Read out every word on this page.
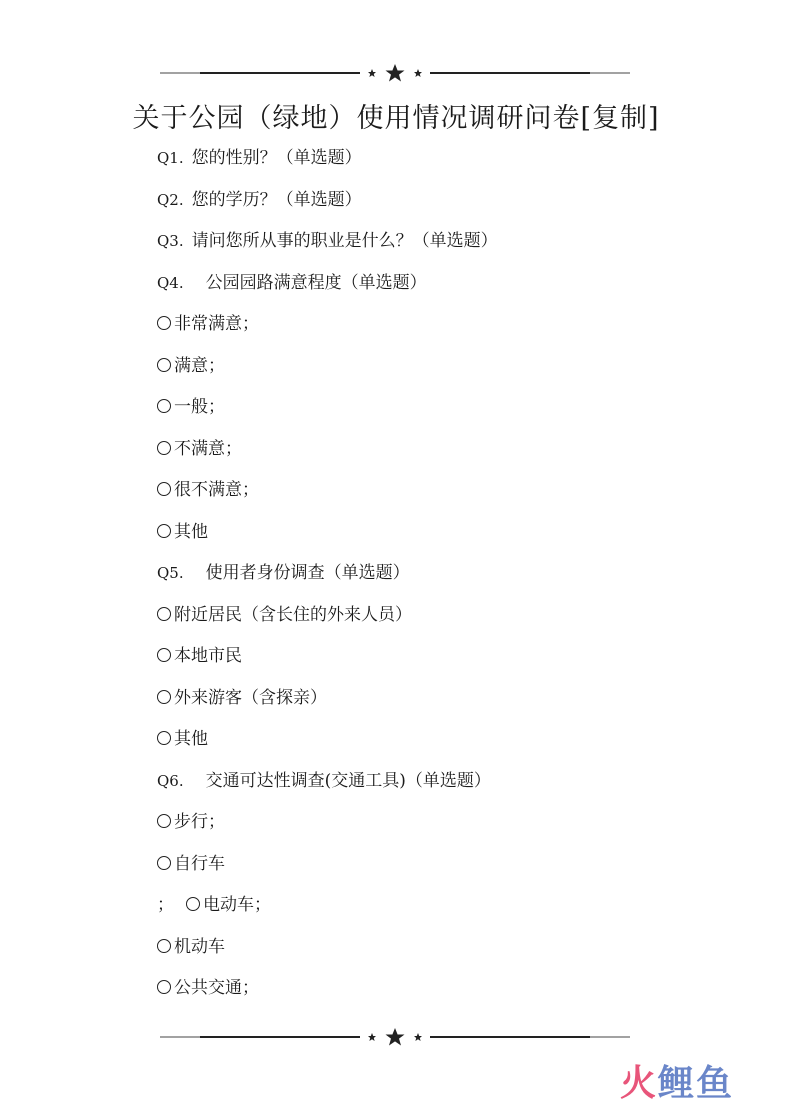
关于公园（绿地）使用情况调研问卷[复制]
Q1. 您的性别？（单选题）
Q2. 您的学历？（单选题）
Q3. 请问您所从事的职业是什么？（单选题）
Q4. 公园园路满意程度（单选题）
非常满意；
满意；
一般；
不满意；
很不满意；
其他
Q5. 使用者身份调查（单选题）
附近居民（含长住的外来人员）
本地市民
外来游客（含探亲）
其他
Q6. 交通可达性调查(交通工具)（单选题）
步行；
自行车
； 电动车；
机动车
公共交通；
火鲤鱼
